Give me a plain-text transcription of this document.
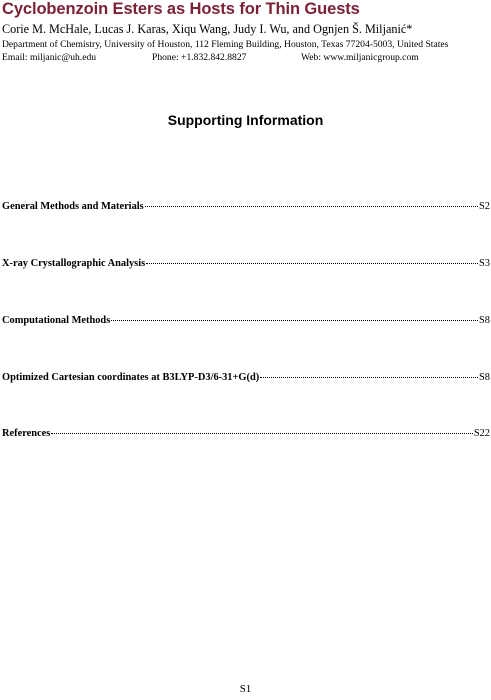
Cyclobenzoin Esters as Hosts for Thin Guests
Corie M. McHale, Lucas J. Karas, Xiqu Wang, Judy I. Wu, and Ognjen Š. Miljanić*
Department of Chemistry, University of Houston, 112 Fleming Building, Houston, Texas 77204-5003, United States
Email: miljanic@uh.edu	Phone: +1.832.842.8827	Web: www.miljanicgroup.com
Supporting Information
General Methods and Materials	S2
X-ray Crystallographic Analysis	S3
Computational Methods	S8
Optimized Cartesian coordinates at B3LYP-D3/6-31+G(d)	S8
References	S22
S1
